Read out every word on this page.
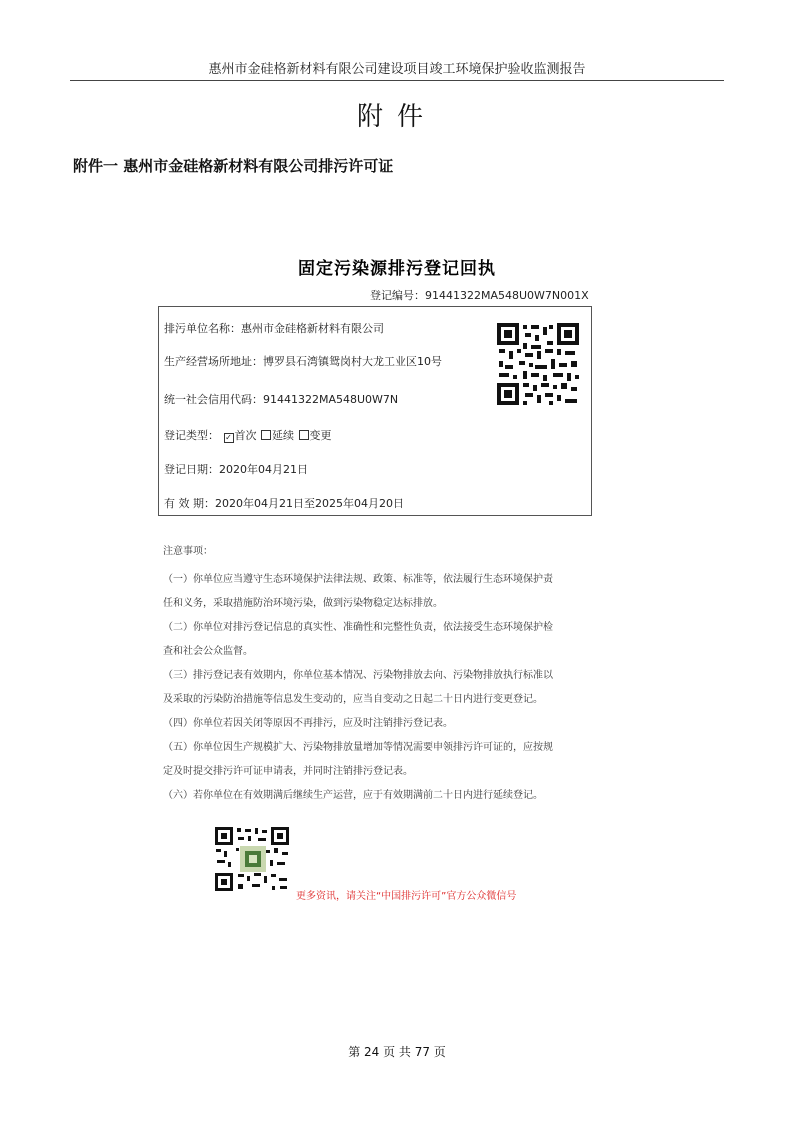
惠州市金硅格新材料有限公司建设项目竣工环境保护验收监测报告
附件
附件一 惠州市金硅格新材料有限公司排污许可证
固定污染源排污登记回执
登记编号：91441322MA548U0W7N001X
排污单位名称：惠州市金硅格新材料有限公司
生产经营场所地址：博罗县石湾镇鸳岗村大龙工业区10号
统一社会信用代码：91441322MA548U0W7N
登记类型： ✓ 首次 延续 变更
登记日期：2020年04月21日
有 效 期：2020年04月21日至2025年04月20日

注意事项：

（一）你单位应当遵守生态环境保护法律法规、政策、标准等，依法履行生态环境保护责

任和义务，采取措施防治环境污染，做到污染物稳定达标排放。

（二）你单位对排污登记信息的真实性、准确性和完整性负责，依法接受生态环境保护检

查和社会公众监督。

（三）排污登记表有效期内，你单位基本情况、污染物排放去向、污染物排放执行标准以

及采取的污染防治措施等信息发生变动的，应当自变动之日起二十日内进行变更登记。

（四）你单位若因关闭等原因不再排污，应及时注销排污登记表。

（五）你单位因生产规模扩大、污染物排放量增加等情况需要申领排污许可证的，应按规

定及时提交排污许可证申请表，并同时注销排污登记表。

（六）若你单位在有效期满后继续生产运营，应于有效期满前二十日内进行延续登记。

更多资讯，请关注“中国排污许可”官方公众微信号
第 24 页 共 77 页
